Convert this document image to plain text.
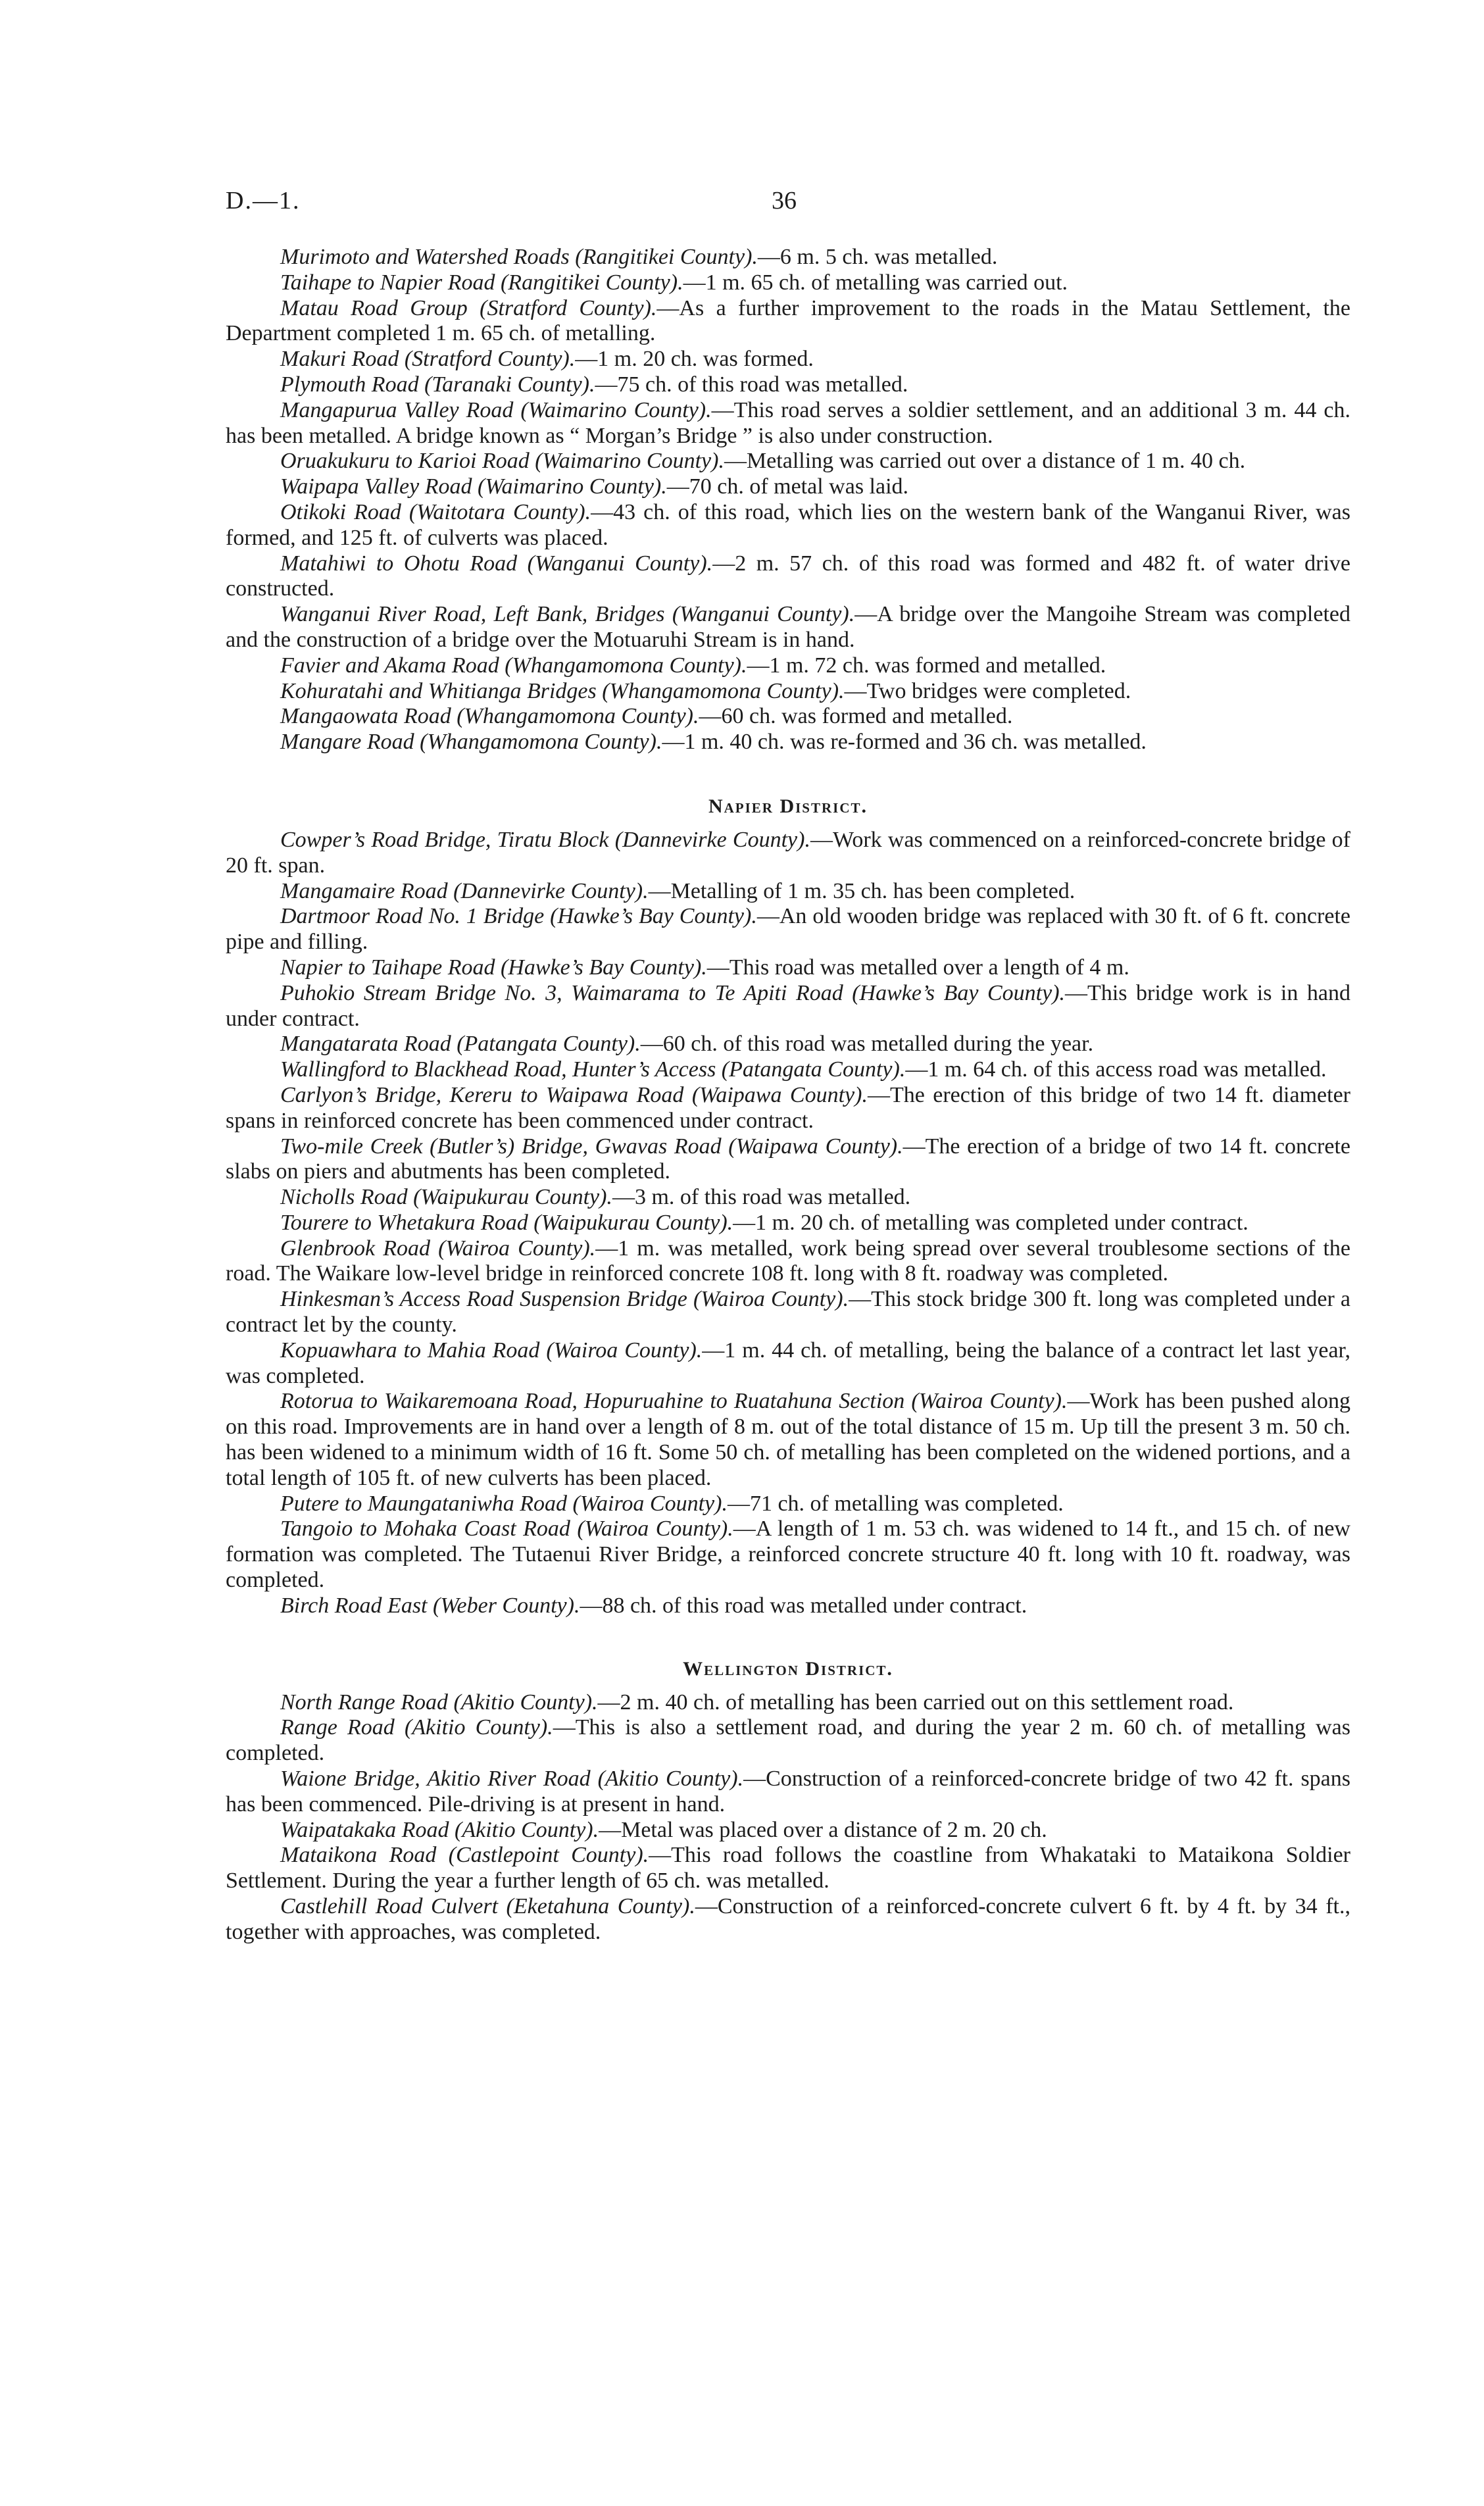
D.—1.	36

Murimoto and Watershed Roads (Rangitikei County).—6 m. 5 ch. was metalled.

Taihape to Napier Road (Rangitikei County).—1 m. 65 ch. of metalling was carried out.

Matau Road Group (Stratford County).—As a further improvement to the roads in the Matau Settlement, the Department completed 1 m. 65 ch. of metalling.

Makuri Road (Stratford County).—1 m. 20 ch. was formed.

Plymouth Road (Taranaki County).—75 ch. of this road was metalled.

Mangapurua Valley Road (Waimarino County).—This road serves a soldier settlement, and an additional 3 m. 44 ch. has been metalled. A bridge known as “ Morgan’s Bridge ” is also under construction.

Oruakukuru to Karioi Road (Waimarino County).—Metalling was carried out over a distance of 1 m. 40 ch.

Waipapa Valley Road (Waimarino County).—70 ch. of metal was laid.

Otikoki Road (Waitotara County).—43 ch. of this road, which lies on the western bank of the Wanganui River, was formed, and 125 ft. of culverts was placed.

Matahiwi to Ohotu Road (Wanganui County).—2 m. 57 ch. of this road was formed and 482 ft. of water drive constructed.

Wanganui River Road, Left Bank, Bridges (Wanganui County).—A bridge over the Mangoihe Stream was completed and the construction of a bridge over the Motuaruhi Stream is in hand.

Favier and Akama Road (Whangamomona County).—1 m. 72 ch. was formed and metalled.

Kohuratahi and Whitianga Bridges (Whangamomona County).—Two bridges were completed.

Mangaowata Road (Whangamomona County).—60 ch. was formed and metalled.

Mangare Road (Whangamomona County).—1 m. 40 ch. was re-formed and 36 ch. was metalled.

Napier District.

Cowper’s Road Bridge, Tiratu Block (Dannevirke County).—Work was commenced on a reinforced-concrete bridge of 20 ft. span.

Mangamaire Road (Dannevirke County).—Metalling of 1 m. 35 ch. has been completed.

Dartmoor Road No. 1 Bridge (Hawke’s Bay County).—An old wooden bridge was replaced with 30 ft. of 6 ft. concrete pipe and filling.

Napier to Taihape Road (Hawke’s Bay County).—This road was metalled over a length of 4 m.

Puhokio Stream Bridge No. 3, Waimarama to Te Apiti Road (Hawke’s Bay County).—This bridge work is in hand under contract.

Mangatarata Road (Patangata County).—60 ch. of this road was metalled during the year.

Wallingford to Blackhead Road, Hunter’s Access (Patangata County).—1 m. 64 ch. of this access road was metalled.

Carlyon’s Bridge, Kereru to Waipawa Road (Waipawa County).—The erection of this bridge of two 14 ft. diameter spans in reinforced concrete has been commenced under contract.

Two-mile Creek (Butler’s) Bridge, Gwavas Road (Waipawa County).—The erection of a bridge of two 14 ft. concrete slabs on piers and abutments has been completed.

Nicholls Road (Waipukurau County).—3 m. of this road was metalled.

Tourere to Whetakura Road (Waipukurau County).—1 m. 20 ch. of metalling was completed under contract.

Glenbrook Road (Wairoa County).—1 m. was metalled, work being spread over several troublesome sections of the road. The Waikare low-level bridge in reinforced concrete 108 ft. long with 8 ft. roadway was completed.

Hinkesman’s Access Road Suspension Bridge (Wairoa County).—This stock bridge 300 ft. long was completed under a contract let by the county.

Kopuawhara to Mahia Road (Wairoa County).—1 m. 44 ch. of metalling, being the balance of a contract let last year, was completed.

Rotorua to Waikaremoana Road, Hopuruahine to Ruatahuna Section (Wairoa County).—Work has been pushed along on this road. Improvements are in hand over a length of 8 m. out of the total distance of 15 m. Up till the present 3 m. 50 ch. has been widened to a minimum width of 16 ft. Some 50 ch. of metalling has been completed on the widened portions, and a total length of 105 ft. of new culverts has been placed.

Putere to Maungataniwha Road (Wairoa County).—71 ch. of metalling was completed.

Tangoio to Mohaka Coast Road (Wairoa County).—A length of 1 m. 53 ch. was widened to 14 ft., and 15 ch. of new formation was completed. The Tutaenui River Bridge, a reinforced concrete structure 40 ft. long with 10 ft. roadway, was completed.

Birch Road East (Weber County).—88 ch. of this road was metalled under contract.

Wellington District.

North Range Road (Akitio County).—2 m. 40 ch. of metalling has been carried out on this settlement road.

Range Road (Akitio County).—This is also a settlement road, and during the year 2 m. 60 ch. of metalling was completed.

Waione Bridge, Akitio River Road (Akitio County).—Construction of a reinforced-concrete bridge of two 42 ft. spans has been commenced. Pile-driving is at present in hand.

Waipatakaka Road (Akitio County).—Metal was placed over a distance of 2 m. 20 ch.

Mataikona Road (Castlepoint County).—This road follows the coastline from Whakataki to Mataikona Soldier Settlement. During the year a further length of 65 ch. was metalled.

Castlehill Road Culvert (Eketahuna County).—Construction of a reinforced-concrete culvert 6 ft. by 4 ft. by 34 ft., together with approaches, was completed.
